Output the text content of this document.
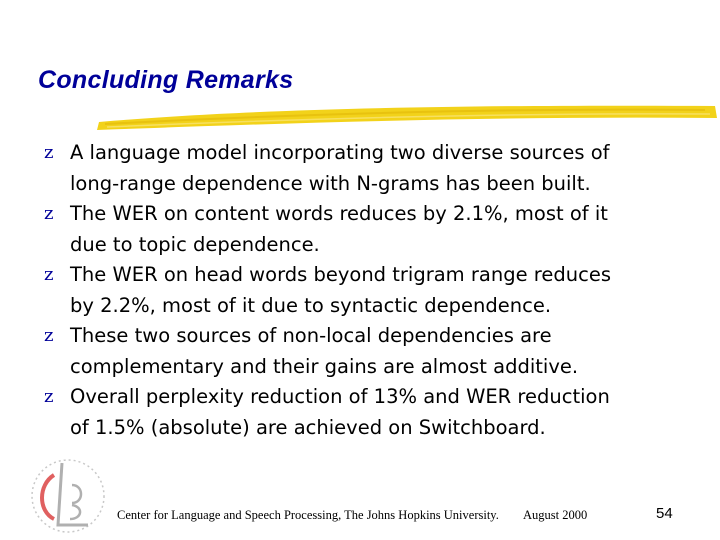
Concluding Remarks
z A language model incorporating two diverse sources of
long-range dependence with N-grams has been built.
z The WER on content words reduces by 2.1%, most of it
due to topic dependence.
z The WER on head words beyond trigram range reduces
by 2.2%, most of it due to syntactic dependence.
z These two sources of non-local dependencies are
complementary and their gains are almost additive.
z Overall perplexity reduction of 13% and WER reduction
of 1.5% (absolute) are achieved on Switchboard.
Center for Language and Speech Processing, The Johns Hopkins University. August 2000	54
